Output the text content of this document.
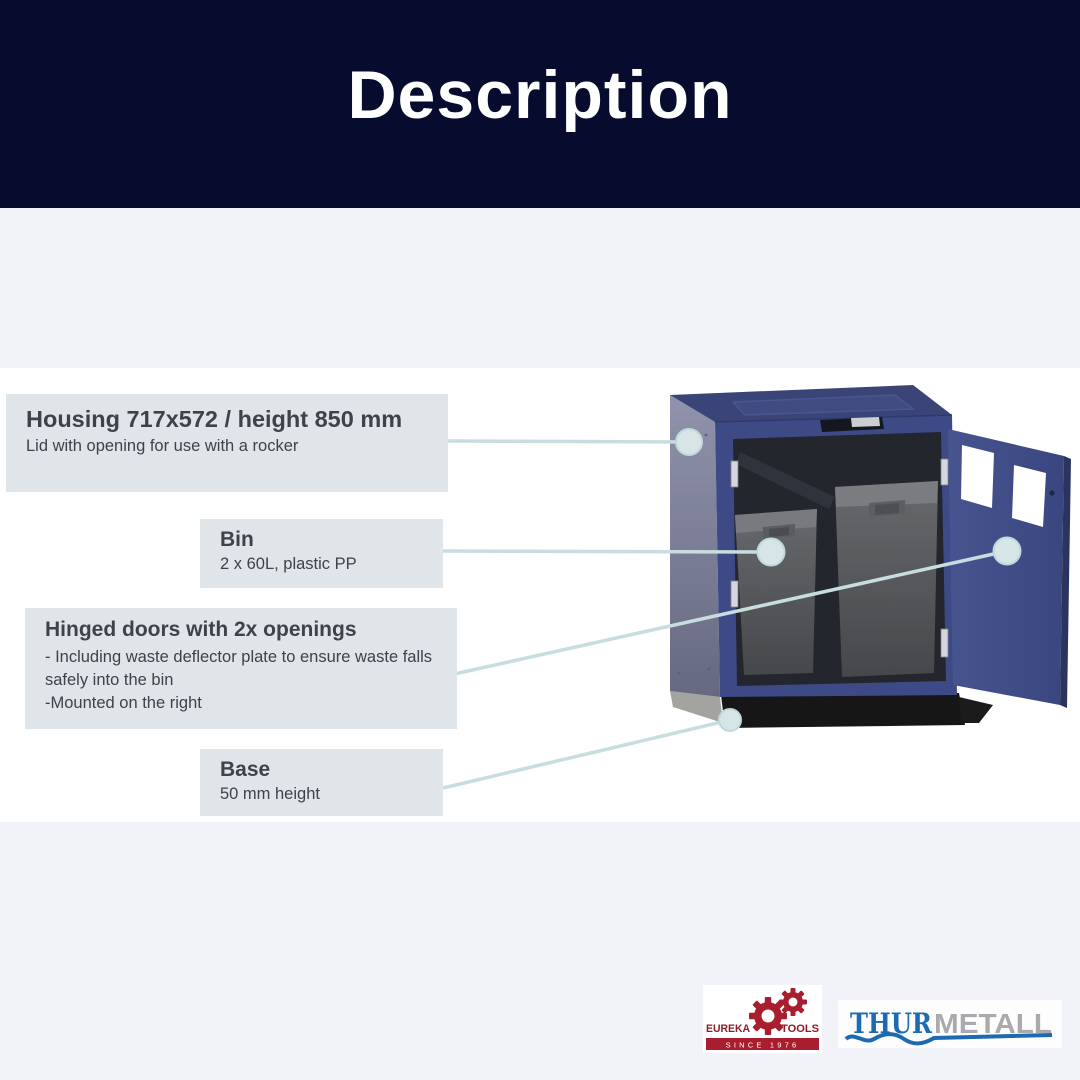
Description
Housing 717x572 / height 850 mm
Lid with opening for use with a rocker
Bin
2 x 60L, plastic PP
Hinged doors with 2x openings
- Including waste deflector plate to ensure waste falls safely into the bin
-Mounted on the right
Base
50 mm height
EUREKA	TOOLS
SINCE 1976
THUR METALL
